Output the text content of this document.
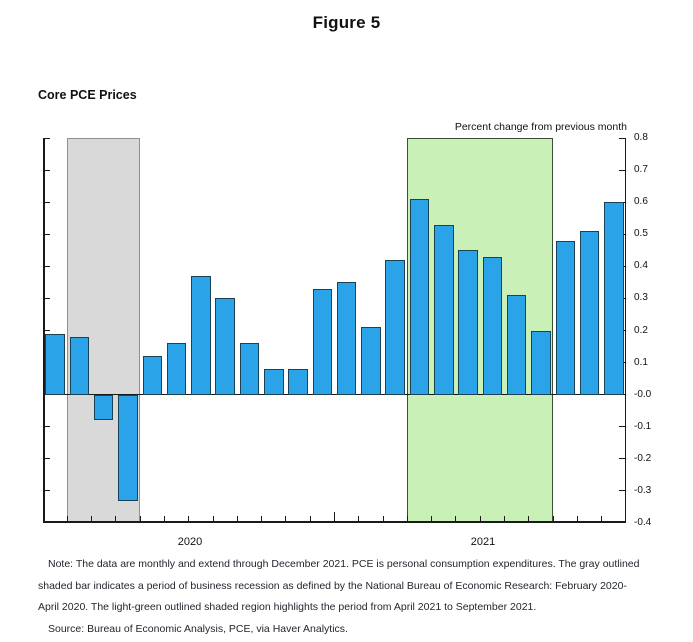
Figure 5
Core PCE Prices
Percent change from previous month
0.8
0.7
0.6
0.5
0.4
0.3
0.2
0.1
-0.0
-0.1
-0.2
-0.3
-0.4
2020	2021
Note: The data are monthly and extend through December 2021. PCE is personal consumption expenditures. The gray outlined
shaded bar indicates a period of business recession as defined by the National Bureau of Economic Research: February 2020-
April 2020. The light-green outlined shaded region highlights the period from April 2021 to September 2021.
Source: Bureau of Economic Analysis, PCE, via Haver Analytics.
